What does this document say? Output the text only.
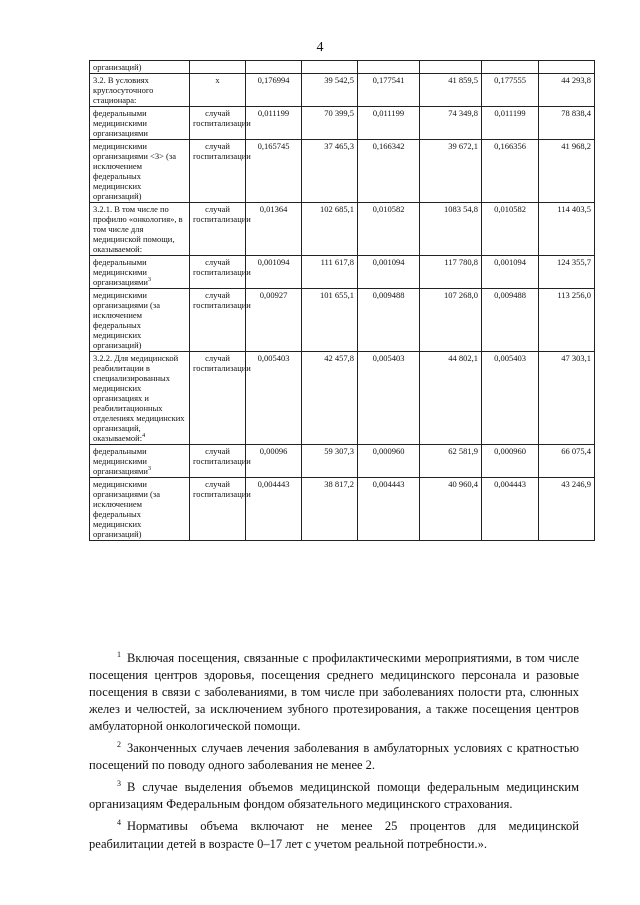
4
организаций)							
3.2. В условиях круглосуточного стационара:	х	0,176994	39 542,5	0,177541	41 859,5	0,177555	44 293,8
федеральными медицинскими организациями	случай госпитализации	0,011199	70 399,5	0,011199	74 349,8	0,011199	78 838,4
медицинскими организациями <3> (за исключением федеральных медицинских организаций)	случай госпитализации	0,165745	37 465,3	0,166342	39 672,1	0,166356	41 968,2
3.2.1. В том числе по профилю «онкология», в том числе для медицинской помощи, оказываемой:	случай госпитализации	0,01364	102 685,1	0,010582	1083 54,8	0,010582	114 403,5
федеральными медицинскими организациями$^3$	случай госпитализации	0,001094	111 617,8	0,001094	117 780,8	0,001094	124 355,7
медицинскими организациями (за исключением федеральных медицинских организаций)	случай госпитализации	0,00927	101 655,1	0,009488	107 268,0	0,009488	113 256,0
3.2.2. Для медицинской реабилитации в специализированных медицинских организациях и реабилитационных отделениях медицинских организаций, оказываемой:$^4$	случай госпитализации	0,005403	42 457,8	0,005403	44 802,1	0,005403	47 303,1
федеральными медицинскими организациями$^3$	случай госпитализации	0,00096	59 307,3	0,000960	62 581,9	0,000960	66 075,4
медицинскими организациями (за исключением федеральных медицинских организаций)	случай госпитализации	0,004443	38 817,2	0,004443	40 960,4	0,004443	43 246,9

$^1$ Включая посещения, связанные с профилактическими мероприятиями, в том числе посещения центров здоровья, посещения среднего медицинского персонала и разовые посещения в связи с заболеваниями, в том числе при заболеваниях полости рта, слюнных желез и челюстей, за исключением зубного протезирования, а также посещения центров амбулаторной онкологической помощи.

$^2$ Законченных случаев лечения заболевания в амбулаторных условиях с кратностью посещений по поводу одного заболевания не менее 2.

$^3$ В случае выделения объемов медицинской помощи федеральным медицинским организациям Федеральным фондом обязательного медицинского страхования.

$^4$ Нормативы объема включают не менее 25 процентов для медицинской реабилитации детей в возрасте 0–17 лет с учетом реальной потребности.».
